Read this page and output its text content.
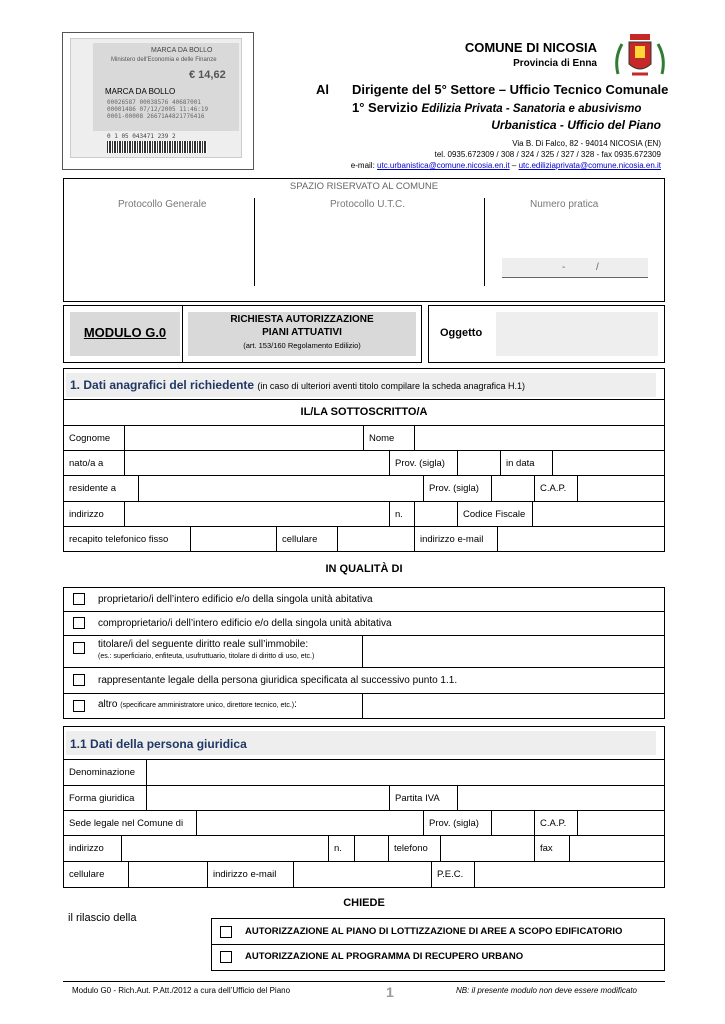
MARCA DA BOLLO
Ministero dell'Economia e delle Finanze
€ 14,62
MARCA DA BOLLO
00026587 00038576 40687001
00001486 07/12/2005 11:46:19
0001-00008 26671A4821776416
0 1 05 043471 239 2
COMUNE DI NICOSIA
Provincia di Enna
Al Dirigente del 5° Settore – Ufficio Tecnico Comunale
1° Servizio Edilizia Privata - Sanatoria e abusivismo
Urbanistica - Ufficio del Piano
Via B. Di Falco, 82 - 94014 NICOSIA (EN)
tel. 0935.672309 / 308 / 324 / 325 / 327 / 328 - fax 0935.672309
e-mail: utc.urbanistica@comune.nicosia.en.it – utc.ediliziaprivata@comune.nicosia.en.it
SPAZIO RISERVATO AL COMUNE
Protocollo Generale	Protocollo U.T.C.	Numero pratica
-	/
MODULO G.0
RICHIESTA AUTORIZZAZIONE
PIANI ATTUATIVI
(art. 153/160 Regolamento Edilizio)
Oggetto
1. Dati anagrafici del richiedente (in caso di ulteriori aventi titolo compilare la scheda anagrafica H.1)
IL/LA SOTTOSCRITTO/A
Cognome	Nome
nato/a a	Prov. (sigla)	in data
residente a	Prov. (sigla)	C.A.P.
indirizzo	n.	Codice Fiscale
recapito telefonico fisso	cellulare	indirizzo e-mail
IN QUALITÀ DI
proprietario/i dell’intero edificio e/o della singola unità abitativa
comproprietario/i dell’intero edificio e/o della singola unità abitativa
titolare/i del seguente diritto reale sull’immobile:
(es.: superficiario, enfiteuta, usufruttuario, titolare di diritto di uso, etc.)
rappresentante legale della persona giuridica specificata al successivo punto 1.1.
altro (specificare amministratore unico, direttore tecnico, etc.):
1.1 Dati della persona giuridica
Denominazione
Forma giuridica	Partita IVA
Sede legale nel Comune di	Prov. (sigla)	C.A.P.
indirizzo	n.	telefono	fax
cellulare	indirizzo e-mail	P.E.C.
CHIEDE
il rilascio della
AUTORIZZAZIONE AL PIANO DI LOTTIZZAZIONE DI AREE A SCOPO EDIFICATORIO
AUTORIZZAZIONE AL PROGRAMMA DI RECUPERO URBANO
Modulo G0 - Rich.Aut. P.Att./2012 a cura dell’Ufficio del Piano	1	NB: il presente modulo non deve essere modificato
